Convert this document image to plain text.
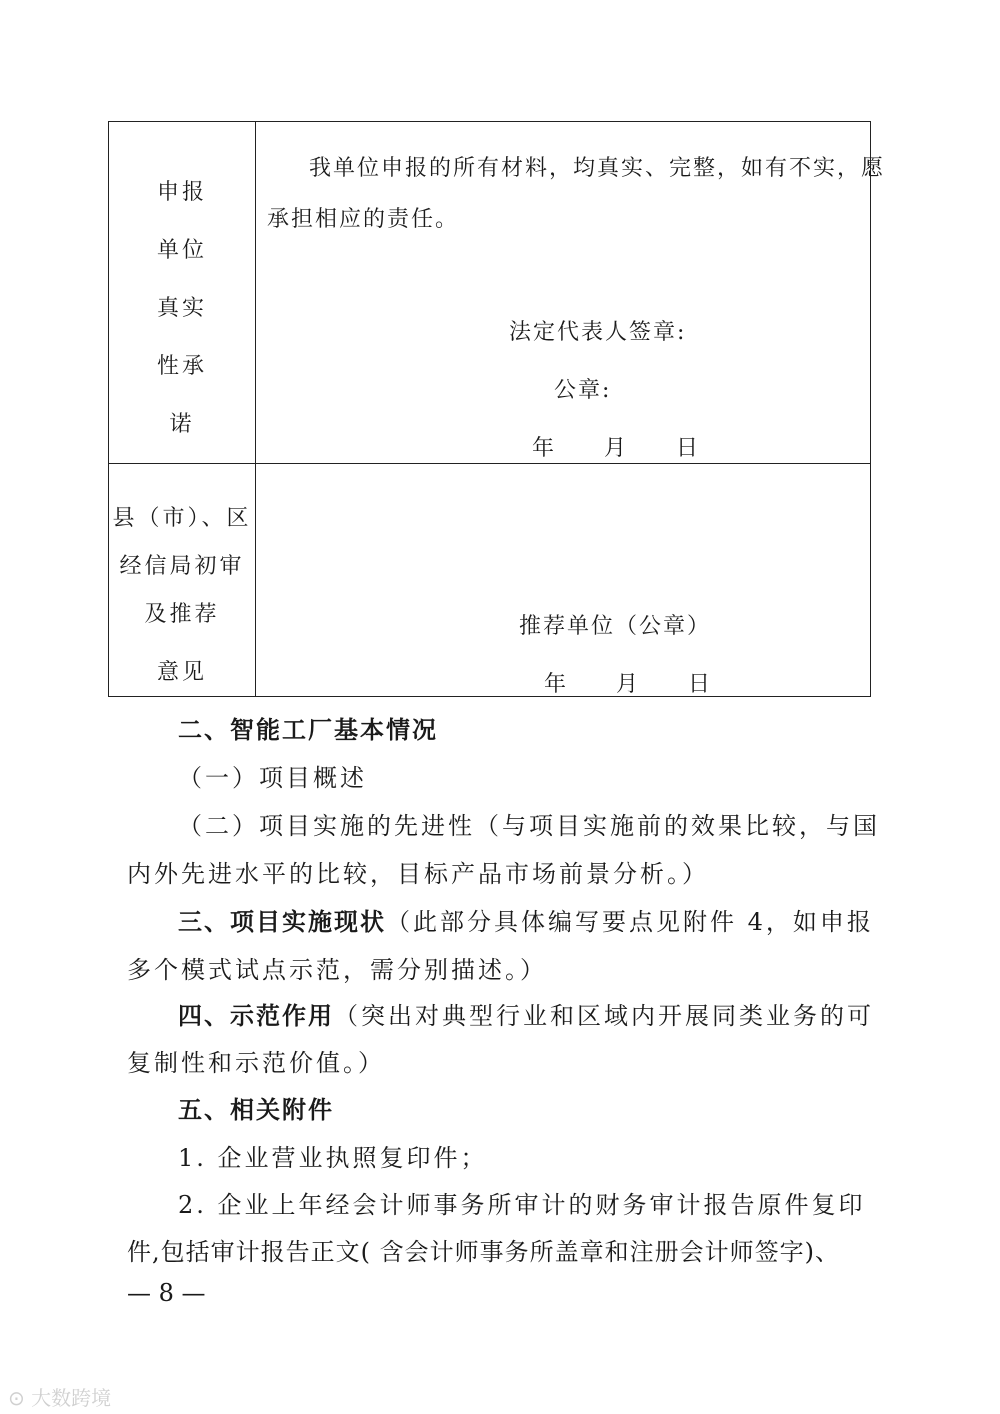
申报
单位
真实
性承
诺
我单位申报的所有材料，均真实、完整，如有不实，愿
承担相应的责任。
法定代表人签章:
公章:
年　　月　　日
县（市）、区
经信局初审
及推荐
意见
推荐单位（公章）
年　　月　　日
二、智能工厂基本情况
（一）项目概述
（二）项目实施的先进性（与项目实施前的效果比较，与国
内外先进水平的比较，目标产品市场前景分析。）
三、项目实施现状（此部分具体编写要点见附件 4，如申报
多个模式试点示范，需分别描述。）
四、示范作用（突出对典型行业和区域内开展同类业务的可
复制性和示范价值。）
五、相关附件
1. 企业营业执照复印件；
2. 企业上年经会计师事务所审计的财务审计报告原件复印
件,包括审计报告正文( 含会计师事务所盖章和注册会计师签字)、
— 8 —
⊙ 大数跨境
